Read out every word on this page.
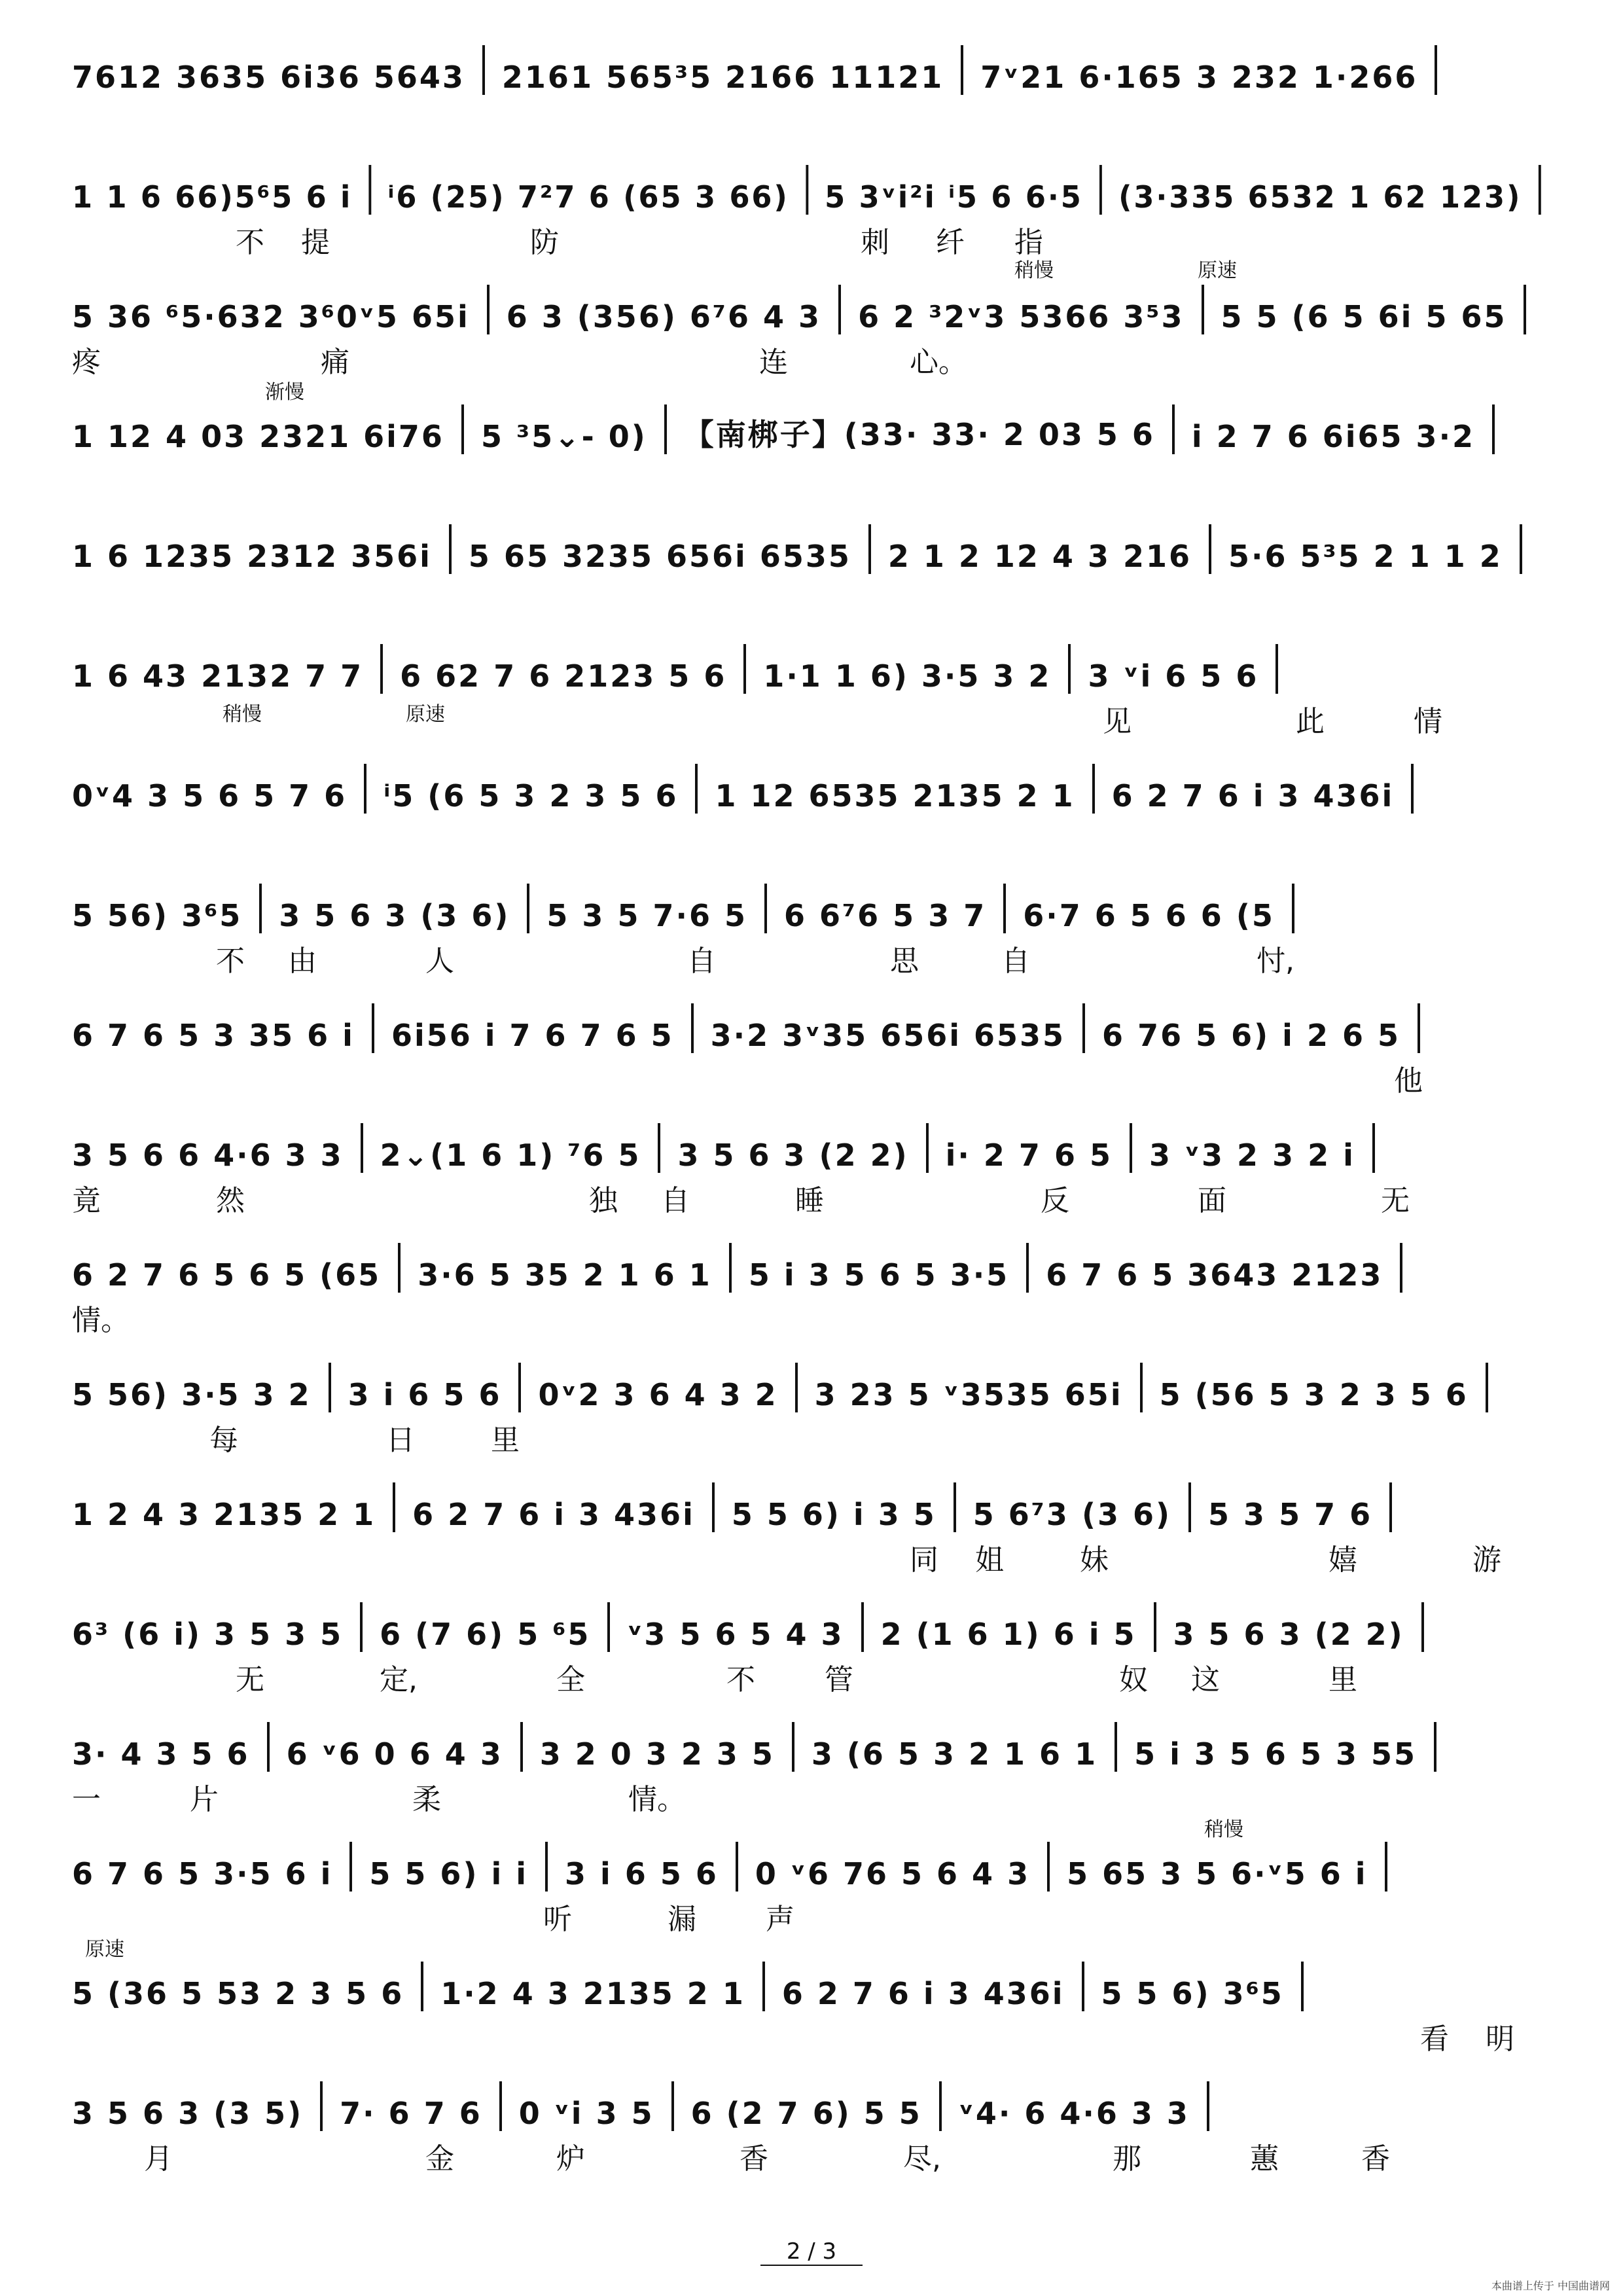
7612 3635 6i36 5643 2161 565³5 2166 11121 7ᵛ21 6·165 3 232 1·266
1 1 6 66)5⁶5 6 i ⁱ6 (25) 7²7 6 (65 3 66) 5 3ᵛi²i ⁱ5 6 6·5 (3·335 6532 1 62 123)
不 提	防	刺 纤 指
稍慢	原速
5 36 ⁶5·632 3⁶0ᵛ5 65i 6 3 (356) 6⁷6 4 3 6 2 ³2ᵛ3 5366 3⁵3 5 5 (6 5 6i 5 65
疼	痛	连	心。
1 12 4 03 2321 6i76 5 ³5⌄- 0) 【南梆子】(33· 33· 2 03 5 6 i 2 7 6 6i65 3·2
渐慢
1 6 1235 2312 356i 5 65 3235 656i 6535 2 1 2 12 4 3 216 5·6 5³5 2 1 1 2
1 6 43 2132 7 7 6 62 7 6 2123 5 6 1·1 1 6) 3·5 3 2 3 ᵛi 6 5 6
见	此	情
稍慢	原速
0ᵛ4 3 5 6 5 7 6 ⁱ5 (6 5 3 2 3 5 6 1 12 6535 2135 2 1 6 2 7 6 i 3 436i
5 56) 3⁶5 3 5 6 3 (3 6) 5 3 5 7·6 5 6 6⁷6 5 3 7 6·7 6 5 6 6 (5
不 由	人	自	思	自	忖,
6 7 6 5 3 35 6 i 6i56 i 7 6 7 6 5 3·2 3ᵛ35 656i 6535 6 76 5 6) i 2 6 5
他
3 5 6 6 4·6 3 3 2⌄(1 6 1) ⁷6 5 3 5 6 3 (2 2) i· 2 7 6 5 3 ᵛ3 2 3 2 i
竟	然	独 自	睡	反	面	无
6 2 7 6 5 6 5 (65 3·6 5 35 2 1 6 1 5 i 3 5 6 5 3·5 6 7 6 5 3643 2123
情。
5 56) 3·5 3 2 3 i 6 5 6 0ᵛ2 3 6 4 3 2 3 23 5 ᵛ3535 65i 5 (56 5 3 2 3 5 6
每	日	里
1 2 4 3 2135 2 1 6 2 7 6 i 3 436i 5 5 6) i 3 5 5 6⁷3 (3 6) 5 3 5 7 6
同 姐	妹	嬉	游
6³ (6 i) 3 5 3 5 6 (7 6) 5 ⁶5 ᵛ3 5 6 5 4 3 2 (1 6 1) 6 i 5 3 5 6 3 (2 2)
无	定,	全	不 管	奴 这	里
3· 4 3 5 6 6 ᵛ6 0 6 4 3 3 2 0 3 2 3 5 3 (6 5 3 2 1 6 1 5 i 3 5 6 5 3 55
一	片	柔	情。
6 7 6 5 3·5 6 i 5 5 6) i i 3 i 6 5 6 0 ᵛ6 76 5 6 4 3 5 65 3 5 6·ᵛ5 6 i
听	漏 声
稍慢
5 (36 5 53 2 3 5 6 1·2 4 3 2135 2 1 6 2 7 6 i 3 436i 5 5 6) 3⁶5
看 明
原速
3 5 6 3 (3 5) 7· 6 7 6 0 ᵛi 3 5 6 (2 7 6) 5 5 ᵛ4· 6 4·6 3 3
月	金	炉	香	尽,	那	蕙	香
2 / 3
本曲谱上传于 中国曲谱网
